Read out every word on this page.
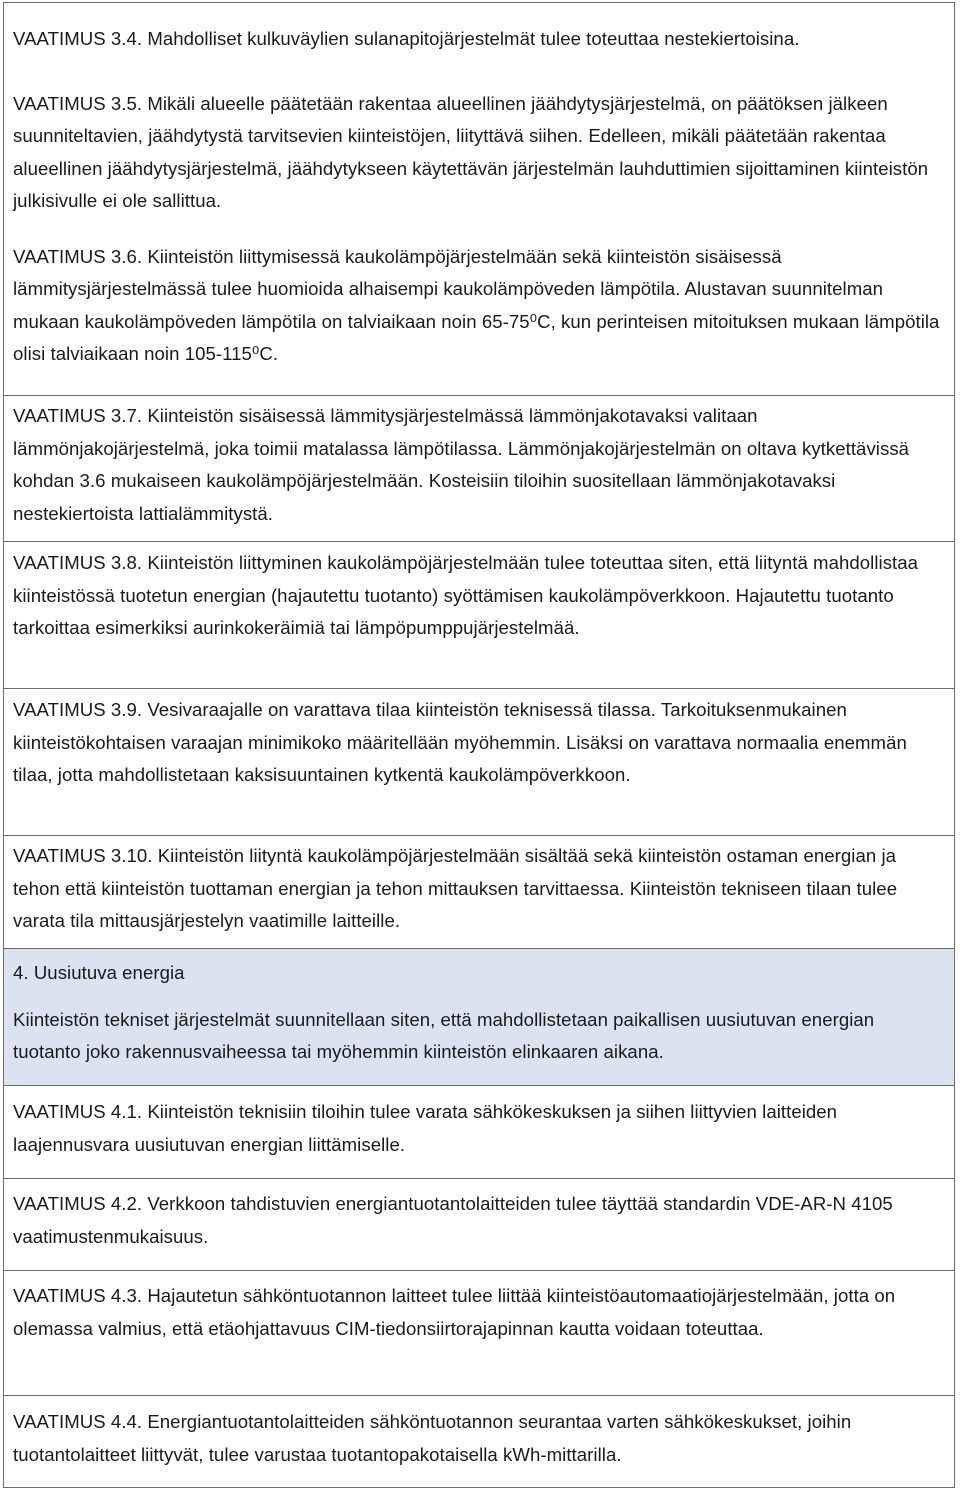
VAATIMUS 3.4. Mahdolliset kulkuväylien sulanapitojärjestelmät tulee toteuttaa nestekiertoisina.

VAATIMUS 3.5. Mikäli alueelle päätetään rakentaa alueellinen jäähdytysjärjestelmä, on päätöksen jälkeen suunniteltavien, jäähdytystä tarvitsevien kiinteistöjen, liityttävä siihen. Edelleen, mikäli päätetään rakentaa alueellinen jäähdytysjärjestelmä, jäähdytykseen käytettävän järjestelmän lauhduttimien sijoittaminen kiinteistön julkisivulle ei ole sallittua.

VAATIMUS 3.6. Kiinteistön liittymisessä kaukolämpöjärjestelmään sekä kiinteistön sisäisessä lämmitysjärjestelmässä tulee huomioida alhaisempi kaukolämpöveden lämpötila. Alustavan suunnitelman mukaan kaukolämpöveden lämpötila on talviaikaan noin 65-75⁰C, kun perinteisen mitoituksen mukaan lämpötila olisi talviaikaan noin 105-115⁰C.

VAATIMUS 3.7. Kiinteistön sisäisessä lämmitysjärjestelmässä lämmönjakotavaksi valitaan lämmönjakojärjestelmä, joka toimii matalassa lämpötilassa. Lämmönjakojärjestelmän on oltava kytkettävissä kohdan 3.6 mukaiseen kaukolämpöjärjestelmään. Kosteisiin tiloihin suositellaan lämmönjakotavaksi nestekiertoista lattialämmitystä.

VAATIMUS 3.8. Kiinteistön liittyminen kaukolämpöjärjestelmään tulee toteuttaa siten, että liityntä mahdollistaa kiinteistössä tuotetun energian (hajautettu tuotanto) syöttämisen kaukolämpöverkkoon. Hajautettu tuotanto tarkoittaa esimerkiksi aurinkokeräimiä tai lämpöpumppujärjestelmää.

VAATIMUS 3.9. Vesivaraajalle on varattava tilaa kiinteistön teknisessä tilassa. Tarkoituksenmukainen kiinteistökohtaisen varaajan minimikoko määritellään myöhemmin. Lisäksi on varattava normaalia enemmän tilaa, jotta mahdollistetaan kaksisuuntainen kytkentä kaukolämpöverkkoon.

VAATIMUS 3.10. Kiinteistön liityntä kaukolämpöjärjestelmään sisältää sekä kiinteistön ostaman energian ja tehon että kiinteistön tuottaman energian ja tehon mittauksen tarvittaessa. Kiinteistön tekniseen tilaan tulee varata tila mittausjärjestelyn vaatimille laitteille.

4. Uusiutuva energia

Kiinteistön tekniset järjestelmät suunnitellaan siten, että mahdollistetaan paikallisen uusiutuvan energian tuotanto joko rakennusvaiheessa tai myöhemmin kiinteistön elinkaaren aikana.

VAATIMUS 4.1. Kiinteistön teknisiin tiloihin tulee varata sähkökeskuksen ja siihen liittyvien laitteiden laajennusvara uusiutuvan energian liittämiselle.

VAATIMUS 4.2. Verkkoon tahdistuvien energiantuotantolaitteiden tulee täyttää standardin VDE-AR-N 4105 vaatimustenmukaisuus.

VAATIMUS 4.3. Hajautetun sähköntuotannon laitteet tulee liittää kiinteistöautomaatiojärjestelmään, jotta on olemassa valmius, että etäohjattavuus CIM-tiedonsiirtorajapinnan kautta voidaan toteuttaa.

VAATIMUS 4.4. Energiantuotantolaitteiden sähköntuotannon seurantaa varten sähkökeskukset, joihin tuotantolaitteet liittyvät, tulee varustaa tuotantopakotaisella kWh-mittarilla.
